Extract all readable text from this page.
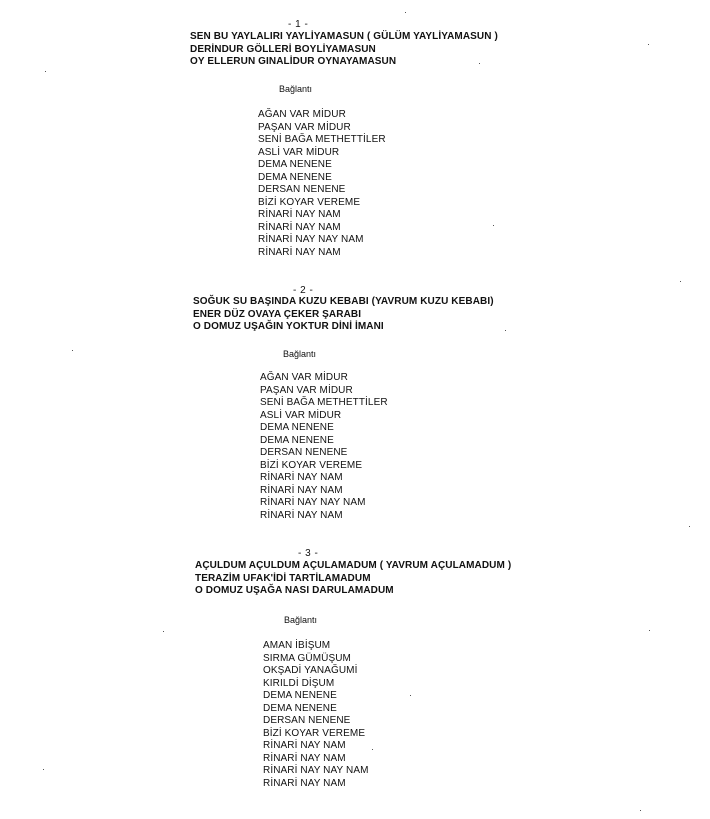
- 1 -
SEN BU YAYLALIRI YAYLİYAMASUN ( GÜLÜM YAYLİYAMASUN )
DERİNDUR GÖLLERİ BOYLİYAMASUN
OY ELLERUN GINALİDUR OYNAYAMASUN
Bağlantı
AĞAN VAR MİDUR
PAŞAN VAR MİDUR
SENİ BAĞA METHETTİLER
ASLİ VAR MİDUR
DEMA NENENE
DEMA NENENE
DERSAN NENENE
BİZİ KOYAR VEREME
RİNARİ NAY NAM
RİNARİ NAY NAM
RİNARİ NAY NAY NAM
RİNARİ NAY NAM
- 2 -
SOĞUK SU BAŞINDA KUZU KEBABI (YAVRUM KUZU KEBABI)
ENER DÜZ OVAYA ÇEKER ŞARABI
O DOMUZ UŞAĞIN YOKTUR DİNİ İMANI
Bağlantı
AĞAN VAR MİDUR
PAŞAN VAR MİDUR
SENİ BAĞA METHETTİLER
ASLİ VAR MİDUR
DEMA NENENE
DEMA NENENE
DERSAN NENENE
BİZİ KOYAR VEREME
RİNARİ NAY NAM
RİNARİ NAY NAM
RİNARİ NAY NAY NAM
RİNARİ NAY NAM
- 3 -
AÇULDUM AÇULDUM AÇULAMADUM ( YAVRUM AÇULAMADUM )
TERAZİM UFAK'İDİ TARTİLAMADUM
O DOMUZ UŞAĞA NASI DARULAMADUM
Bağlantı
AMAN İBİŞUM
SIRMA GÜMÜŞUM
OKŞADİ YANAĞUMİ
KIRILDİ DİŞUM
DEMA NENENE
DEMA NENENE
DERSAN NENENE
BİZİ KOYAR VEREME
RİNARİ NAY NAM
RİNARİ NAY NAM
RİNARİ NAY NAY NAM
RİNARİ NAY NAM
